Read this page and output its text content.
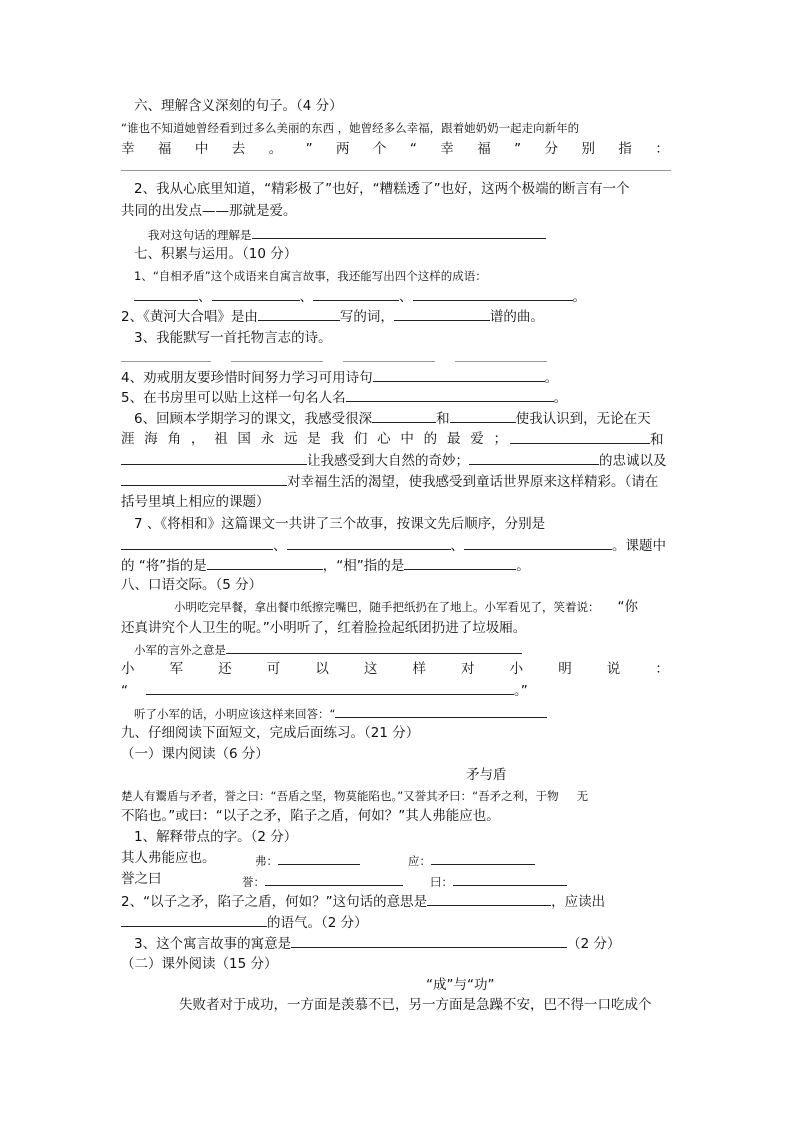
六、理解含义深刻的句子。（4 分）
“谁也不知道她曾经看到过多么美丽的东西 ，她曾经多么幸福，跟着她奶奶一起走向新年的
幸 福 中 去 。 ” 两 个 “ 幸 福 ” 分 别 指 ：
2、我从心底里知道，“精彩极了”也好，“糟糕透了”也好，这两个极端的断言有一个
共同的出发点——那就是爱。
我对这句话的理解是
七、积累与运用。（10 分）
1、“自相矛盾”这个成语来自寓言故事，我还能写出四个这样的成语：
、	、	、	。
2、《黄河大合唱》是由	写的词，	谱的曲。
3、我能默写一首托物言志的诗。
4、劝戒朋友要珍惜时间努力学习可用诗句	。
5、在书房里可以贴上这样一句名人名	。
6、回顾本学期学习的课文，我感受很深	和	使我认识到，无论在天
涯 海 角 ， 祖 国 永 远 是 我 们 心 中 的 最 爱 ；	和
让我感受到大自然的奇妙；	的忠诚以及
对幸福生活的渴望，使我感受到童话世界原来这样精彩。（请在
括号里填上相应的课题）
7 、《将相和》这篇课文一共讲了三个故事，按课文先后顺序，分别是
、	、	。课题中
的 “将”指的是	，“相”指的是	。
八、口语交际。（5 分）
小明吃完早餐，拿出餐巾纸擦完嘴巴，随手把纸扔在了地上。小军看见了，笑着说： “你
还真讲究个人卫生的呢。”小明听了，红着脸捡起纸团扔进了垃圾厢。
小军的言外之意是
小	军	还	可	以	这	样	对	小	明	说	：
“	。”
听了小军的话，小明应该这样来回答：“
九、仔细阅读下面短文，完成后面练习。（21 分）
（一）课内阅读（6 分）
矛与盾
楚人有鬻盾与矛者，誉之曰：“吾盾之坚，物莫能陷也。”又誉其矛曰：“吾矛之利，于物 无
不陷也。”或曰：“以子之矛，陷子之盾，何如？”其人弗能应也。
1、解释带点的字。（2 分）
其人弗能应也。	弗：	应：
誉之曰	誉：	曰：
2、“以子之矛，陷子之盾，何如？”这句话的意思是	，应读出
的语气。（2 分）
3、这个寓言故事的寓意是	（2 分）
（二）课外阅读（15 分）
“成”与“功”
失败者对于成功，一方面是羡慕不已，另一方面是急躁不安，巴不得一口吃成个
